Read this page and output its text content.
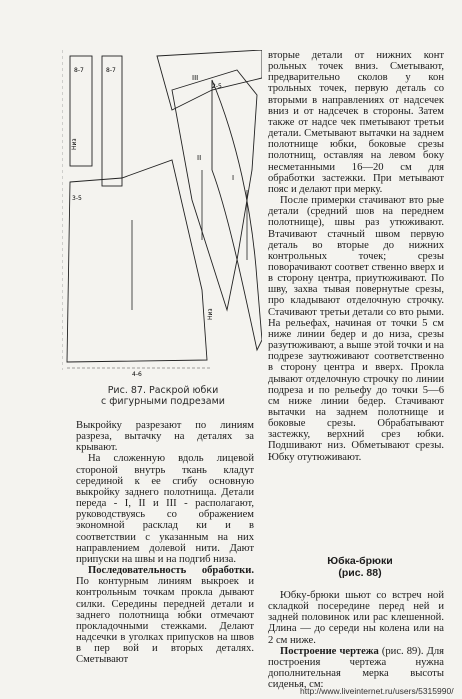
8-7	8-7
Низ
3-5
Низ
4-6
2-5
III
II
I
Рис. 87. Раскрой юбки
с фигурными подрезами

Выкройку разрезают по линиям разреза, вытачку на деталях за крывают.

На сложенную вдоль лицевой стороной внутрь ткань кладут серединой к ее сгибу основную выкройку заднего полотнища. Детали переда - I, II и III - располагают, руководствуясь со ображением экономной расклад ки и в соответствии с указанным на них направлением долевой нити. Дают припуски на швы и на подгиб низа.

Последовательность обработки. По контурным линиям выкроек и контрольным точкам прокла дывают силки. Середины передней детали и заднего полотнища юбки отмечают прокладочными стежками. Делают надсечки в уголках припусков на швов в пер вой и вторых деталях. Сметывают

вторые детали от нижних конт рольных точек вниз. Сметывают, предварительно сколов у кон трольных точек, первую деталь со вторыми в направлениях от надсечек вниз и от надсечек в стороны. Затем также от надсе чек пметывают третьи детали. Сметывают вытачки на заднем полотнище юбки, боковые срезы полотнищ, оставляя на левом боку несметанными 16—20 см для обработки застежки. При метывают пояс и делают при мерку.

После примерки стачивают вто рые детали (средний шов на переднем полотнище), швы раз утюживают. Втачивают стачный швом первую деталь во вторые до нижних контрольных точек; срезы поворачивают соответ ственно вверх и в сторону центра, приутюживают. По шву, захва тывая повернутые срезы, про кладывают отделочную строчку. Стачивают третьи детали со вто рыми. На рельефах, начиная от точки 5 см ниже линии бедер и до низа, срезы разутюживают, а выше этой точки и на подрезе заутюживают соответственно в сторону центра и вверх. Прокла дывают отделочную строчку по линии подреза и по рельефу до точки 5—6 см ниже линии бедер. Стачивают вытачки на заднем полотнище и боковые срезы. Обрабатывают застежку, верхний срез юбки. Подшивают низ. Обметывают срезы. Юбку отутюживают.

Юбка-брюки
(рис. 88)

Юбку-брюки шьют со встреч ной складкой посередине перед ней и задней половинок или рас клешенной. Длина — до середи ны колена или на 2 см ниже.

Построение чертежа (рис. 89). Для построения чертежа нужна дополнительная мерка высоты сиденья, см:

http://www.liveinternet.ru/users/5315990/
